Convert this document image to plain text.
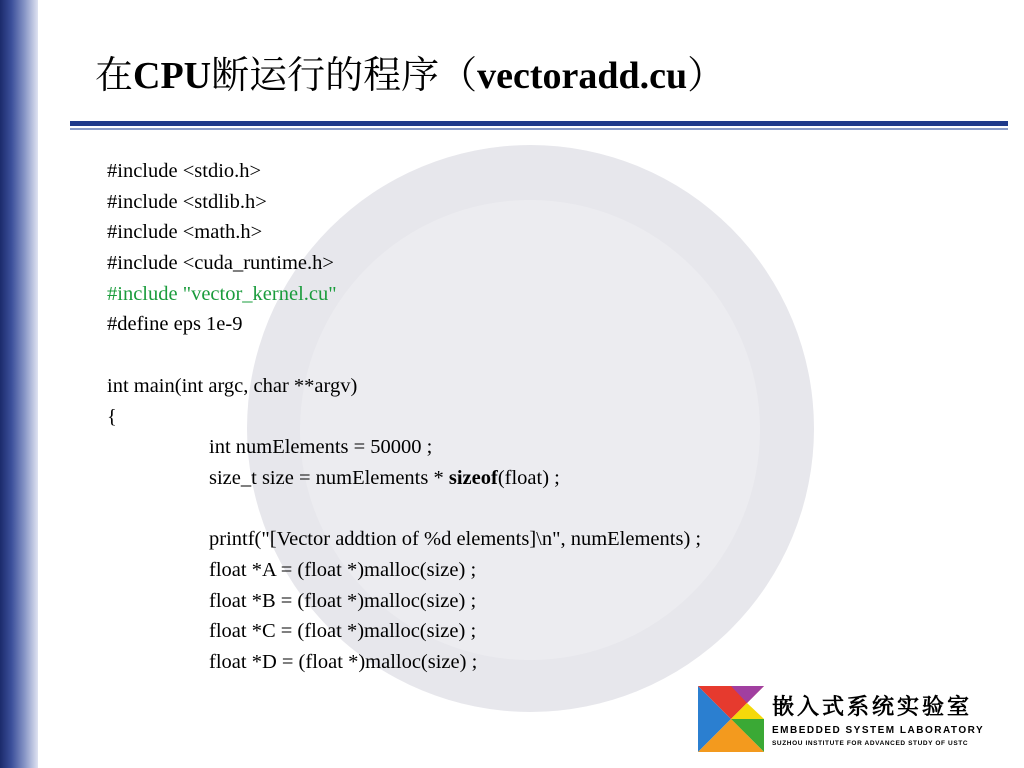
在CPU断运行的程序（vectoradd.cu）
#include <stdio.h>
#include <stdlib.h>
#include <math.h>
#include <cuda_runtime.h>
#include "vector_kernel.cu"
#define eps 1e-9
int main(int argc, char **argv)
{
int numElements = 50000 ;
size_t size = numElements * sizeof(float) ;
printf("[Vector addtion of %d elements]\n", numElements) ;
float *A = (float *)malloc(size) ;
float *B = (float *)malloc(size) ;
float *C = (float *)malloc(size) ;
float *D = (float *)malloc(size) ;
嵌入式系统实验室
EMBEDDED SYSTEM LABORATORY
SUZHOU INSTITUTE FOR ADVANCED STUDY OF USTC
